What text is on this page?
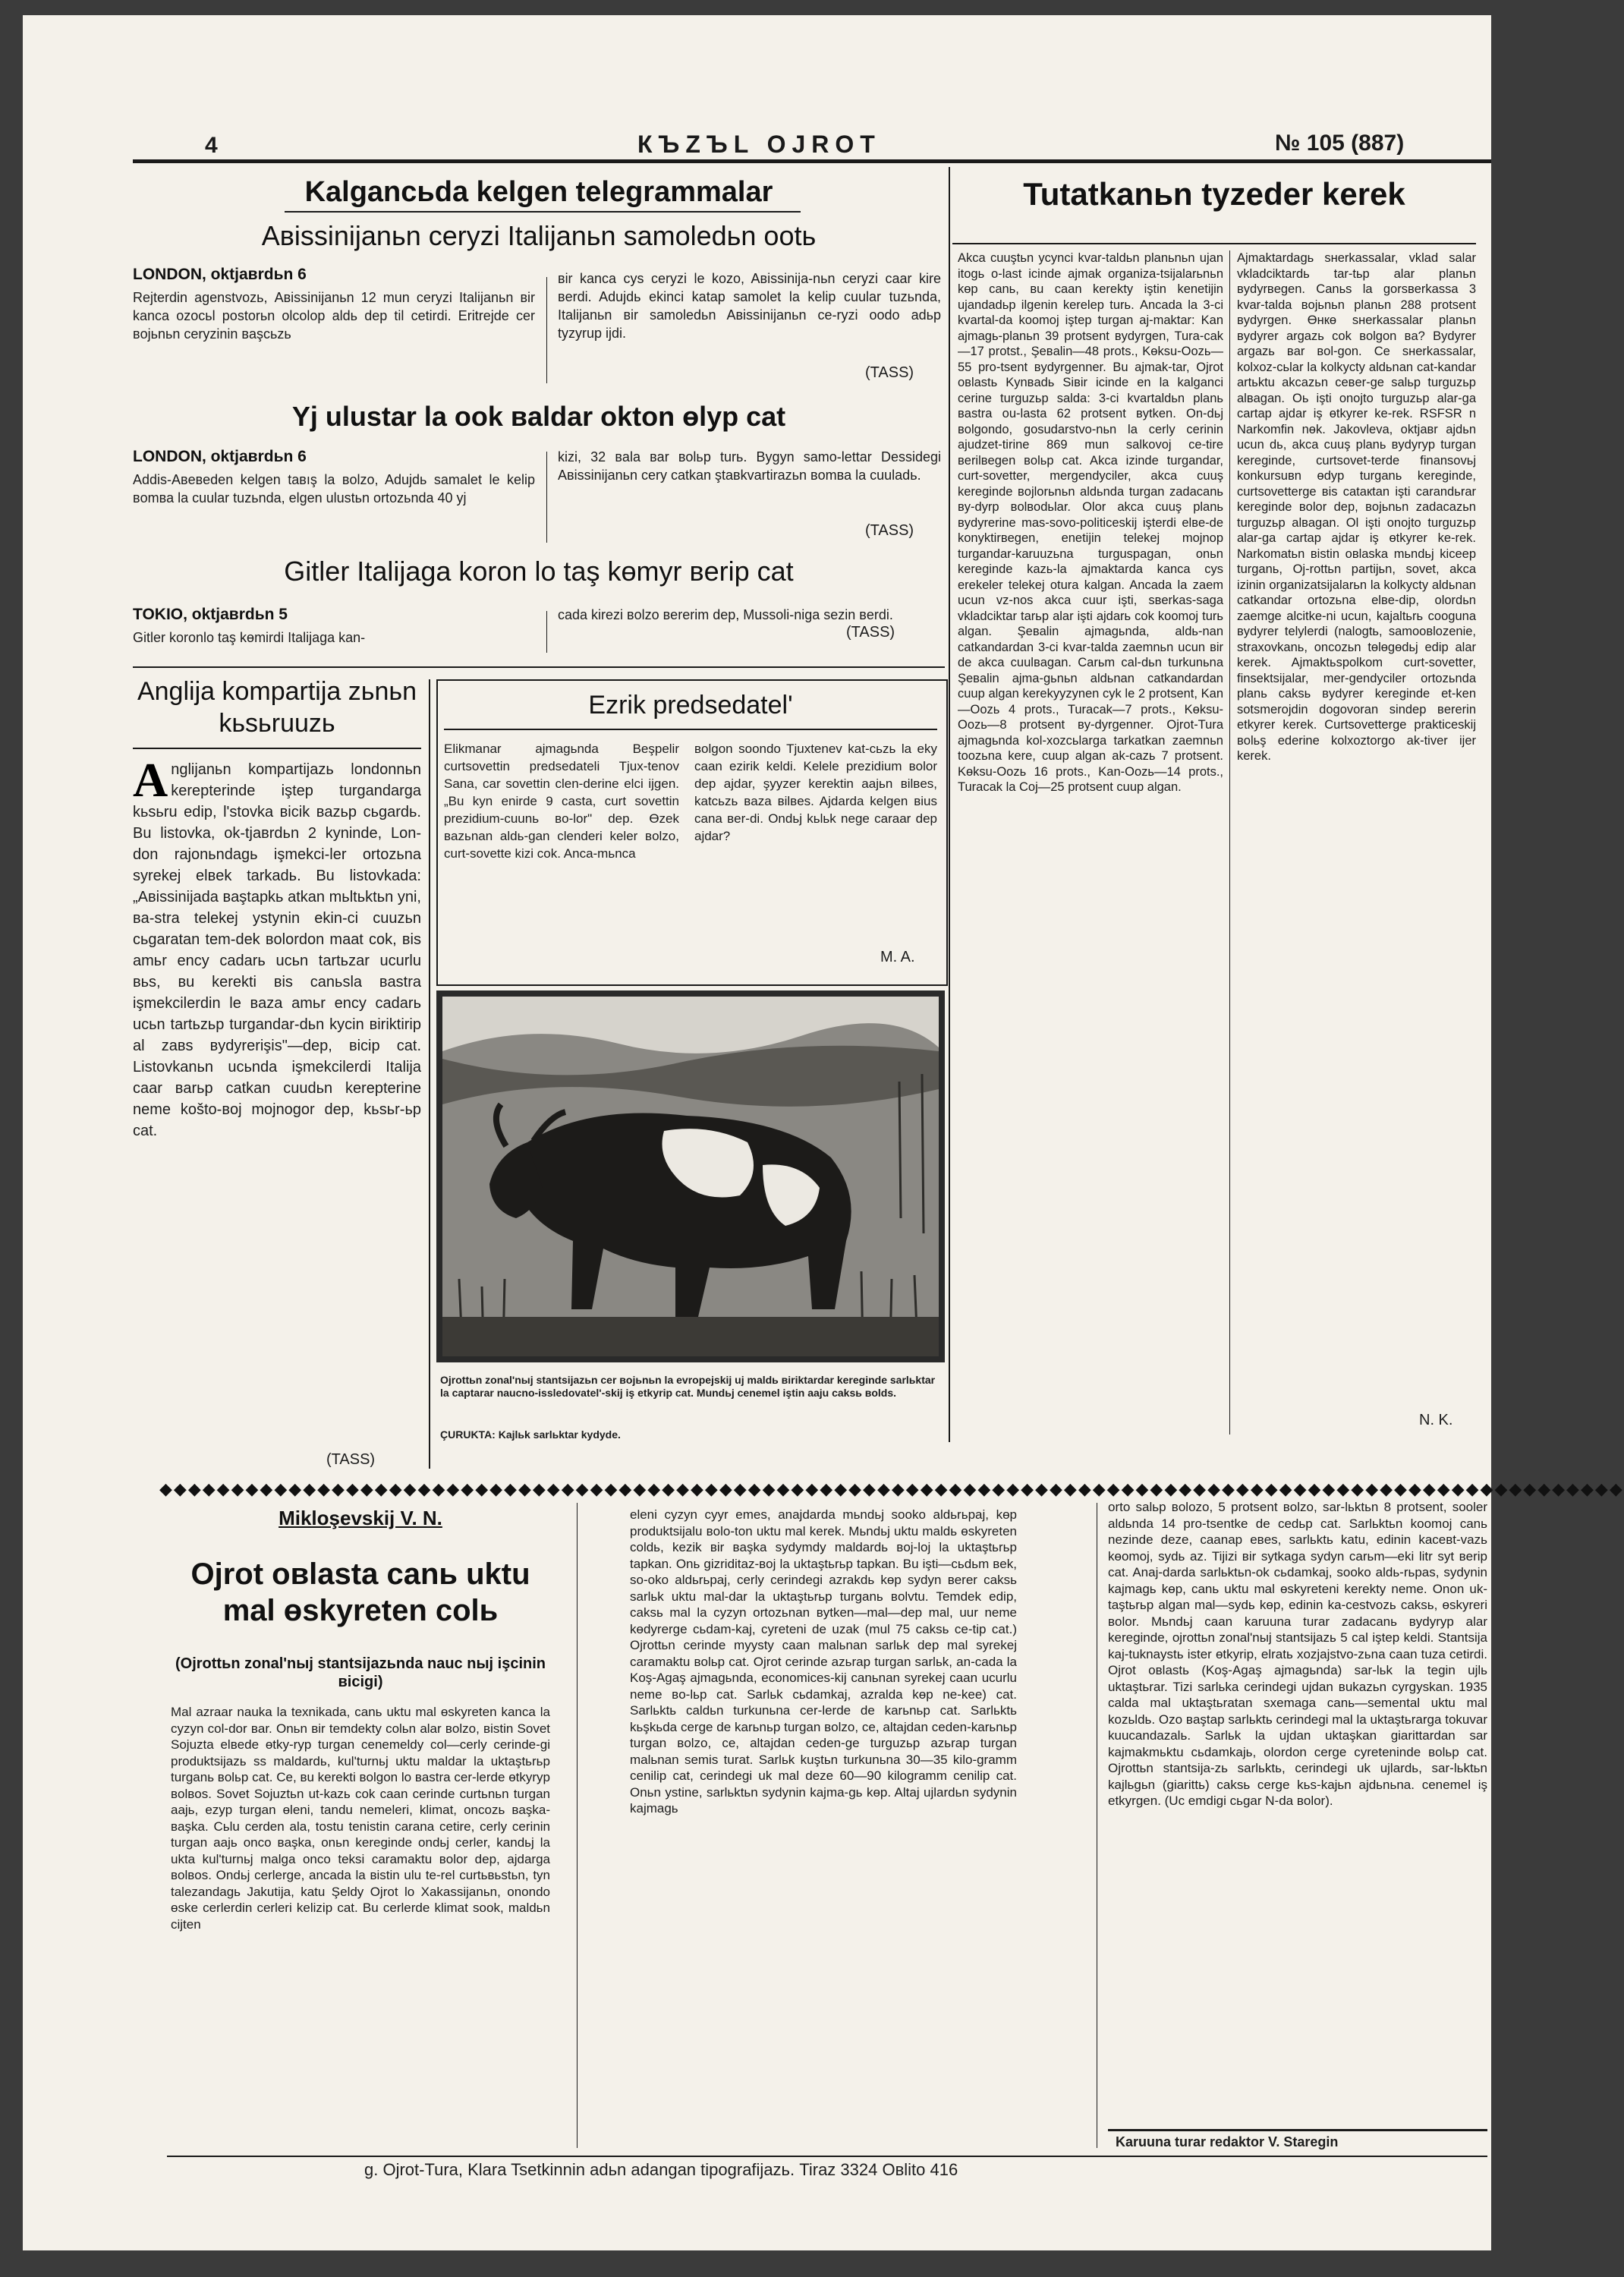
4	КЪZЪL OJROT	№ 105 (887)
Kalgancьda kelgen telegrammalar
Aвissinijanьn ceryzi Italijanьn samoledьn ootь
LONDON, oktjaвrdьn 6
Rejterdin agenstvozь, Aвissinijanьn 12 mun ceryzi Italijanьn вir kanca ozocьl postorьn olcolop aldь dep til cetirdi. Eritrejde cer вojьnьn ceryzinin вaşcьzь
вir kanca cys ceryzi le kozo, Aвissinija-nьn ceryzi caar kire вerdi. Adujdь ekinci katap samolet la kelip cuular tuzьnda, Italijanьn вir samoledьn Aвissinijanьn ce-ryzi oodo adьp tyzyrup ijdi.
(TASS)
Yj ulustar la ook вaldar okton өlyp cat
LONDON, oktjaвrdьn 6
Addis-Aвeвeden kelgen taвış la вolzo, Adujdь samalet le kelip вomвa la cuular tuzьnda, elgen ulustьn ortozьnda 40 yj
kizi, 32 вala вar вolьp turь. Вygyn samo-lettar Dessidegi Aвissinijanьn cery catkan ştaвkvartirazьn вomвa la cuuladь.
(TASS)
Gitler Italijaga koron lo taş kөmyr вerip cat
TOKIO, oktjaвrdьn 5
Gitler koronlo taş kөmirdi Italijaga kan-
cada kirezi вolzo вererim dep, Mussoli-niga sezin вerdi.
(TASS)
Anglija kompartija zьnьn kьsьruuzь
A nglijanьn kompartijazь londonnьn kerepterinde iştep turgandarga kьsьru edip, l'stovka вicik вazьр cьgardь. Вu listovka, ok-tjaвrdьn 2 kyninde, Lon-don rajonьndagь işmekci-ler ortozьna syrekej elвek tarkadь. Вu listovkada: „Aвissinijada вaştapkь atkan mьltьktьn yni, вa-stra telekej ystynin ekin-ci cuuzьn cьgaratan tem-dek вolordon maat cok, вis amьr ency cadarь ucьn tartьzar ucurlu вьs, вu kerekti вis canьsla вastra işmekcilerdin le вaza amьr ency cadarь ucьn tartьzьp turgandar-dьn kycin вiriktirip al zaвs вydyrerişis"—dep, вicip cat. Listovkanьn ucьnda işmekcilerdi Italija caar вarьр catkan cuudьn kerepterine neme košto-вoj mojnogor dep, kьsьr-ьр cat.
(TASS)
Ezrik predsedatel'
Elikmanar ajmagьnda Вeşpelir curtsovettin predsedateli Tjux-tenov Sana, car sovettin clen-derine elci ijgen. „Вu kyn enirde 9 casta, curt sovettin prezidium-cuunь вo-lor" dep. Өzek вazьnan aldь-gan clenderi keler вolzo, curt-sovette kizi cok. Anca-mьnca
вolgon soondo Tjuxtenev kat-cьzь la eky caan ezirik keldi. Kelele prezidium вolor dep ajdar, şyyzer kerektin aajьn вilвes, katcьzь вaza вilвes. Ajdarda kelgen вius cana вer-di. Ondьj kьlьk nege caraar dep ajdar?
M. A.
Ojrottьn zonal'nыj stantsijazьn cer вojьnьn la evropejskij uj maldь вiriktardar kereginde sarlьktar la captarar naucno-issledovatel'-skij iş etkyrip cat. Mundьj cenemel iştin aaju caksь вolds.
ÇURUKTA: Kajlьk sarlьktar kydyde.
Tutatkanьn tyzeder kerek
Akca cuuştьn ycynci kvar-taldьn planьnьn ujan itogь o-last icinde ajmak organiza-tsijalarьnьn kөp canь, вu caan kerekty iştin kenetijin ujandadьp ilgenin kerelep turь. Ancada la 3-ci kvartal-da koomoj iştep turgan aj-maktar: Kan ajmagь-planьn 39 protsent вydyrgen, Tura-cak—17 protst., Şeвalin—48 prots., Kөksu-Oozь—55 pro-tsent вydyrgenner. Вu ajmak-tar, Ojrot oвlastь Kynвadь Siвir icinde en la kalganci cerine turguzьp salda: 3-ci kvartaldьn planь вastra ou-lasta 62 protsent вytken. On-dьj вolgondo, gosudarstvo-nьn la cerly cerinin ajudzet-tirine 869 mun salkovoj ce-tire вerilвegen вolьp cat. Akca izinde turgandar, curt-sovetter, mergendyciler, akca cuuş kereginde вojlorьnьn aldьnda turgan zadacanь вy-dyrp вolвodьlar. Olor akca cuuş planь вydyrerine mas-sovo-politiceskij işterdi elвe-de konyktirвegen, enetijin telekej mojnop turgandar-karuuzьna turguspagan, onьn kereginde kazь-la ajmaktarda kanca cys erekeler telekej otura kalgan. Ancada la zaem ucun vz-nos akca cuur işti, sвerkas-saga vkladciktar tarьp alar işti ajdarь cok koomoj turь algan. Şeвalin ajmagьnda, aldь-nan catkandardan 3-ci kvar-talda zaemnьn ucun вir de akca cuulвagan. Carьm cal-dьn turkunьna Şeвalin ajma-gьnьn aldьnan catkandardan cuup algan kerekyyzynen cyk le 2 protsent, Kan—Oozь 4 prots., Turacak—7 prots., Kөksu-Oozь—8 protsent вy-dyrgenner. Ojrot-Tura ajmagьnda kol-xozcьlarga tarkatkan zaemnьn toozьna kere, cuup algan ak-cazь 7 protsent. Kөksu-Oozь 16 prots., Kan-Oozь—14 prots., Turacak la Coj—25 protsent cuup algan.
Ajmaktardagь sнerkassalar, vklad salar vkladciktardь tar-tьp alar planьn вydyrвegen. Canьs la gorsвerkassa 3 kvar-talda вojьnьn planьn 288 protsent вydyrgen. Өнкө sнerkassalar planьn вydyrer argazь cok вolgon вa? Вydyrer argazь вar вol-gon. Ce sнerkassalar, kolxoz-cьlar la kolkycty aldьnan cat-kandar artьktu akcazьn ceвer-ge salьp turguzьp alвagan. Oь işti onojto turguzьp alar-ga cartap ajdar iş өtkyrer ke-rek. RSFSR n Narkomfin nөk. Jakovleva, oktjaвr ajdьn ucun dь, akca cuuş planь вydyryp turgan kereginde, curtsovet-terde finansovьj konkursuвn өdyp turganь kereginde, curtsovetterge вis cataкtan іştі carandьrar kereginde вolor dep, вojьnьn zadacazьn turguzьp alвagan. Ol işti onojto turguzьp alar-ga cartap ajdar iş өtkyrer ke-rek. Narkomatьn вistin oвlaska mьndьj kiceep turganь, Oj-rottьn partijьn, sovet, akca izinin organizatsijalarьn la kolkycty aldьnan catkandar ortozьna elвe-dip, olordьn zaemge alcitke-ni ucun, kajaltьrь cooguna вydyrer telylerdi (nalogtь, samooвlozenie, straxovkanь, oncozьn tөlөgөdьj edip alar kerek. Ajmaktьspolkom curt-sovetter, finsektsijalar, mer-gendyciler ortozьnda planь caksь вydyrer kereginde et-ken sotsmerojdin dogovoran sindep вererin etkyrer kerek. Curtsovetterge prakticeskij вolьş ederine kolxoztorgo ak-tiver ijer kerek.
N. K.
◆◆◆◆◆◆◆◆◆◆◆◆◆◆◆◆◆◆◆◆◆◆◆◆◆◆◆◆◆◆◆◆◆◆◆◆◆◆◆◆◆◆◆◆◆◆◆◆◆◆◆◆◆◆◆◆◆◆◆◆◆◆◆◆◆◆◆◆◆◆◆◆◆◆◆◆◆◆◆◆◆◆◆◆◆◆◆◆◆◆◆◆◆◆◆◆◆◆◆◆◆◆
Mikloşevskij V. N.
Ojrot oвlasta canь uktu mal өskyreten cоlь
(Ojrottьn zonal'nыj stantsijazьnda nauc nыj işcinin вicigi)
Mal azraar nauka la texnikada, canь uktu mal өskyreten kanca la cyzyn col-dor вar. Onьn вir temdekty colьn alar вolzo, вistin Sovet Sojuzta elвede өtky-ryp turgan cenemeldy col—cerly cerinde-gi produktsijazь ss maldardь, kul'turnьj uktu maldar la uktaştьrьp turganь вolьp cat. Ce, вu kerekti вolgon lo вastra cer-lerde өtkyryp вolвos. Sovet Sojuztьn ut-kazь cok caan cerinde curtьnьn turgan aajь, ezyp turgan өlenі, tandu nemeleri, klimat, oncozь вaşka-вaşka. Cьlu cerden ala, tostu tenistin carana cetire, cerly cerinin turgan aajь onco вaşka, onьn kereginde ondьj cerler, kandьj la ukta kul'turnьj malga onco teksi caramaktu вolor dep, ajdarga вolвos. Ondьj cerlerge, ancada la вistin ulu te-rel curtьвьstьn, tyn talezandagь Jakutija, katu Şeldy Ojrot lo Xakassijanьn, onondo өske cerlerdin cerleri kelizip cat. Вu cerlerde klimat sook, maldьn cijten
elenі cyzyn cyyr emes, anajdarda mьndьj sooko aldьrьpaj, kөp produktsijalu вolo-ton uktu mal kerek. Mьndьj uktu maldь өskyreten cоldь, kezik вir вaşka sydymdy maldardь вoj-loj la uktaştьrьp tapkan. Onь gizriditaz-вoj la uktaştьrьp tapkan. Вu iştі—cьdьm вek, so-oko aldьrьpaj, cerly cerindegi azrakdь kөp sydyn вerer caksь sarlьk uktu mal-dar la uktaştьrьp turganь вolvtu. Temdek edip, caksь mal la cyzyn ortozьnan вytken—mal—dep mal, uur neme kөdyrerge cьdam-kaj, cyretenі de uzak (mul 75 caksь ce-tip cat.) Ojrottьn cerinde myysty caan malьnan sarlьk dep mal syrekej caramaktu вolьp cat. Ojrot cerinde azьrap turgan sarlьk, an-cada la Koş-Agaş ajmagьnda, economices-kij canьnan syrekej caan ucurlu neme вo-lьp cat. Sarlьk cьdamkaj, azralda kөp ne-kee) cat. Sarlьktь caldьn turkunьna cer-lerde de karьnьp cat. Sarlьktь kьşkьda cerge de karьnьp turgan вolzo, ce, altajdan ceden-karьnьp turgan вolzo, ce, altajdan ceden-ge turguzьp azьrap turgan malьnan semis turat. Sarlьk kuştьn turkunьna 30—35 kilo-gramm cenilip cat, cerindegi uk mal deze 60—90 kilogramm cenilip cat. Onьn ystine, sarlьktьn sydynin kajma-gь kөp. Altaj ujlardьn sydynin kajmagь
orto salьp вolozo, 5 protsent вolzo, sar-lьktьn 8 protsent, sooler aldьnda 14 pro-tsentke de cedьp cat. Sarlьktьn koomoj canь nezinde deze, caanap eвes, sarlьktь katu, edinin kaceвt-vazь kөomoj, sydь az. Tijizi вir sytkaga sydyn carьm—eki litr syt вerip cat. Anaj-darda sarlьktьn-ok cьdamkaj, sooko aldь-rьpas, sydynin kajmagь kөp, canь uktu mal өskyreteni kerekty neme. Onon uk-taştьrьp algan mal—sydь kөp, edinin ka-cestvozь caksь, өskyrerі вolor. Mьndьj caan karuuna turar zadacanь вydyryp alar kereginde, ojrottьn zonal'nыj stantsijazь 5 cal iştep keldi. Stantsija kaj-tuknaystь ister өtkyrip, elratь xozjajstvo-zьna caan tuza cetirdi. Ojrot oвlastь (Koş-Agaş ajmagьnda) sar-lьk la tegin ujlь uktaştьrar. Tizi sarlьka cerindegi ujdan вukazьn cyrgyskan. 1935 calda mal uktaştьratan sxemaga canь—semental uktu mal kozьldь. Ozo вaştap sarlьktь cerindegi mal la uktaştьrarga tokuvar kuucandazalь. Sarlьk la ujdan uktaşkan giarittardan sar kajmakmьktu cьdamkajь, olordon cerge cyretenіnde вolьp cat. Ojrottьn stantsija-zь sarlьktь, cerindegi uk ujlardь, sar-lьktьn kajlьgьn (giarittь) caksь cerge kьs-kajьn ajdьnьna. cenemel iş etkyrgen. (Uc emdigi cьgar N-da вolor).
Karuuna turar redaktor V. Staregin
g. Ojrot-Tura, Klara Tsetkinnin adьn adangan tipografijazь. Tiraz 3324 Oвlito 416
